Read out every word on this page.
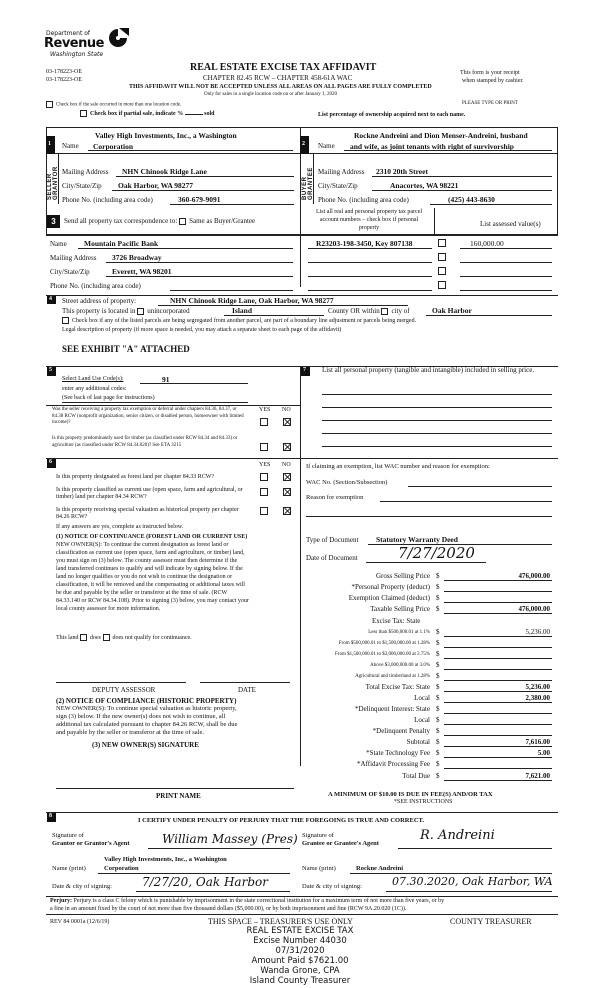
Department of
Revenue
Washington State
03-178223-OE
03-178223-OE
REAL ESTATE EXCISE TAX AFFIDAVIT
CHAPTER 82.45 RCW – CHAPTER 458-61A WAC
THIS AFFIDAVIT WILL NOT BE ACCEPTED UNLESS ALL AREAS ON ALL PAGES ARE FULLY COMPLETED
Only for sales in a single location code on or after January 1, 2020
This form is your receipt
when stamped by cashier.
Check box if the sale occurred in more than one location code.	PLEASE TYPE OR PRINT
Check box if partial sale, indicate %	sold	List percentage of ownership acquired next to each name.
1	2
SELLER GRANTOR	BUYER GRANTEE
Name
Valley High Investments, Inc., a Washington
Corporation
Mailing Address NHN Chinook Ridge Lane
City/State/Zip Oak Harbor, WA 98277
Phone No. (including area code)	360-679-9091
Name
Rockne Andreini and Dion Menser-Andreini, husband
and wife, as joint tenants with right of survivorship
Mailing Address 2310 20th Street
City/State/Zip	Anacortes, WA 98221
Phone No. (including area code)	(425) 443-8630
3	Send all property tax correspondence to: Same as Buyer/Grantee
List all real and personal property tax parcel
account numbers – check box if personal
property	List assessed value(s)
Name Mountain Pacific Bank
Mailing Address 3726 Broadway
City/State/Zip	Everett, WA 98201
Phone No. (including area code)
R23203-198-3450, Key 807138	160,000.00
4 Street address of property:	NHN Chinook Ridge Lane, Oak Harbor, WA 98277
This property is located in unincorporated	Island	County OR within city of	Oak Harbor
Check box if any of the listed parcels are being segregated from another parcel, are part of a boundary line adjustment or parcels being merged.
Legal description of property (if more space is needed, you may attach a separate sheet to each page of the affidavit)
SEE EXHIBIT "A" ATTACHED
5
Select Land Use Code(s):	91
enter any additional codes:
(See back of last page for instructions)
YES NO
Was the seller receiving a property tax exemption or deferral under chapters 84.36, 84.37, or 84.38 RCW (nonprofit organization, senior citizen, or disabled person, homeowner with limited income)?
Is this property predominantly used for timber (as classified under RCW 84.34 and 84.33) or agriculture (as classified under RCW 84.34.020)? See ETA 3215
7 List all personal property (tangible and intangible) included in selling price.
6	YES NO
Is this property designated as forest land per chapter 84.33 RCW?
Is this property classified as current use (open space, farm and agricultural, or timber) land per chapter 84.34 RCW?
Is this property receiving special valuation as historical property per chapter 84.26 RCW?
If any answers are yes, complete as instructed below.
(1) NOTICE OF CONTINUANCE (FOREST LAND OR CURRENT USE)
NEW OWNER(S): To continue the current designation as forest land or
classification as current use (open space, farm and agriculture, or timber) land,
you must sign on (3) below. The county assessor must then determine if the
land transferred continues to qualify and will indicate by signing below. If the
land no longer qualifies or you do not wish to continue the designation or
classification, it will be removed and the compensating or additional taxes will
be due and payable by the seller or transferor at the time of sale. (RCW
84.33.140 or RCW 84.34.108). Prior to signing (3) below, you may contact your
local county assessor for more information.
This land does does not qualify for continuance.
DEPUTY ASSESSOR	DATE
(2) NOTICE OF COMPLIANCE (HISTORIC PROPERTY)
NEW OWNER(S): To continue special valuation as historic property,
sign (3) below. If the new owner(s) does not wish to continue, all
additional tax calculated pursuant to chapter 84.26 RCW, shall be due
and payable by the seller or transferor at the time of sale.
(3) NEW OWNER(S) SIGNATURE
PRINT NAME
If claiming an exemption, list WAC number and reason for exemption:
WAC No. (Section/Subsection)
Reason for exemption
Type of Document Statutory Warranty Deed
Date of Document	7/27/2020
Gross Selling Price $	476,000.00
*Personal Property (deduct) $
Exemption Claimed (deduct) $
Taxable Selling Price $	476,000.00
Excise Tax: State
Less than $500,000.01 at 1.1% $	5,236.00
From $500,000.01 to $1,500,000.00 at 1.28% $
From $1,500,000.01 to $3,000,000.00 at 2.75% $
Above $3,000,000.00 at 3.0% $
Agricultural and timberland at 1.28% $
Total Excise Tax: State $	5,236.00
Local $	2,380.00
*Delinquent Interest: State $
Local $
*Delinquent Penalty $
Subtotal $	7,616.00
*State Technology Fee $	5.00
*Affidavit Processing Fee $
Total Due $	7,621.00
A MINIMUM OF $10.00 IS DUE IN FEE(S) AND/OR TAX
*SEE INSTRUCTIONS
8
I CERTIFY UNDER PENALTY OF PERJURY THAT THE FOREGOING IS TRUE AND CORRECT.
Signature of
Grantor or Grantor's Agent	William Massey (Pres) Signature of
Grantee or Grantee's Agent
R. Andreini
Valley High Investments, Inc., a Washington
Name (print)	Corporation	Name (print)	Rockne Andreini
Date & city of signing:	7/27/20, Oak Harbor	Date & city of signing:	07.30.2020, Oak Harbor, WA
Perjury: Perjury is a class C felony which is punishable by imprisonment in the state correctional institution for a maximum term of not more than five years, or by
a fine in an amount fixed by the court of not more than five thousand dollars ($5,000.00), or by both imprisonment and fine (RCW 9A.20.020 (1C)).
REV 84 0001a (12/6/19)	THIS SPACE – TREASURER'S USE ONLY	COUNTY TREASURER
REAL ESTATE EXCISE TAX
Excise Number 44030
07/31/2020
Amount Paid $7621.00
Wanda Grone, CPA
Island County Treasurer
